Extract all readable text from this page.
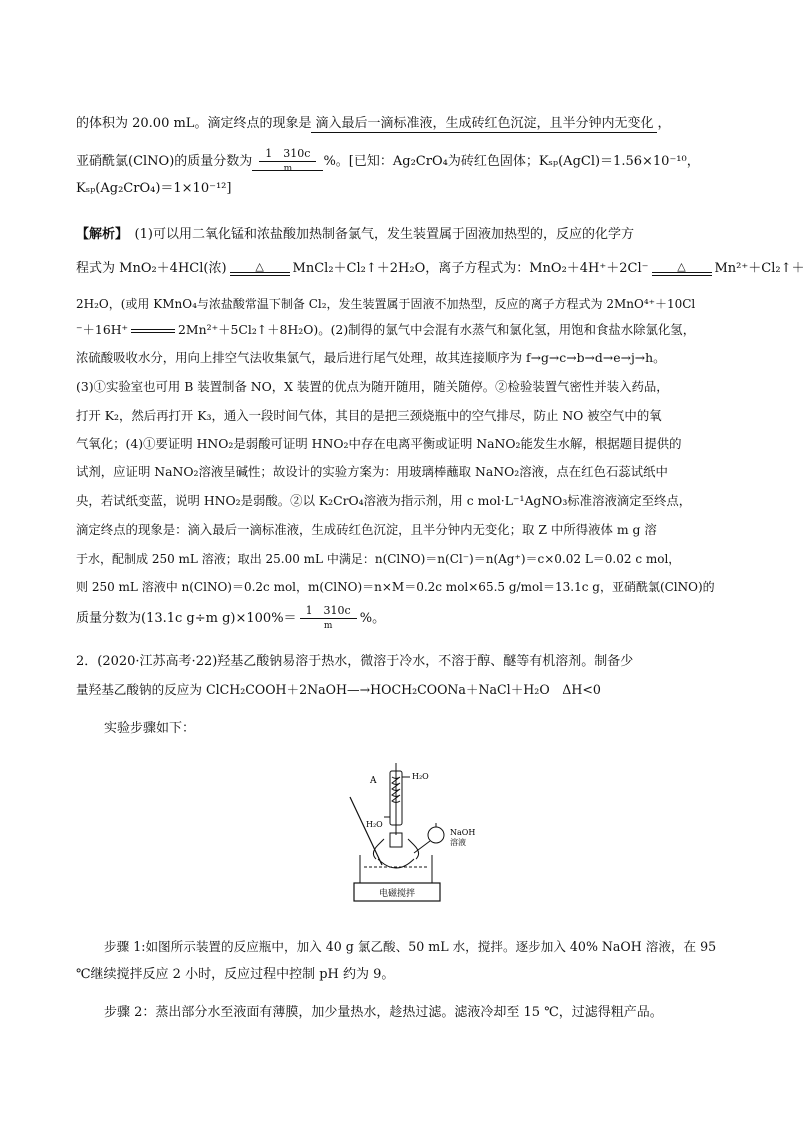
的体积为 20.00 mL。滴定终点的现象是 滴入最后一滴标准液，生成砖红色沉淀，且半分钟内无变化 ，
亚硝酰氯(ClNO)的质量分数为 $\frac{1 310c}{m}$ %。[已知：Ag₂CrO₄为砖红色固体；Kₛₚ(AgCl)＝1.56×10⁻¹⁰，
Kₛₚ(Ag₂CrO₄)＝1×10⁻¹²]
【解析】　 (1)可以用二氧化锰和浓盐酸加热制备氯气，发生装置属于固液加热型的，反应的化学方
程式为 MnO₂＋4HCl(浓)	△ MnCl₂＋Cl₂↑＋2H₂O，离子方程式为：MnO₂＋4H⁺＋2Cl⁻	△ Mn²⁺＋Cl₂↑＋
2H₂O，(或用 KMnO₄与浓盐酸常温下制备 Cl₂，发生装置属于固液不加热型，反应的离子方程式为 2MnO⁴⁺＋10Cl
⁻＋16H⁺	2Mn²⁺＋5Cl₂↑＋8H₂O)。(2)制得的氯气中会混有水蒸气和氯化氢，用饱和食盐水除氯化氢，
浓硫酸吸收水分，用向上排空气法收集氯气，最后进行尾气处理，故其连接顺序为 f→g→c→b→d→e→j→h。
(3)①实验室也可用 B 装置制备 NO，X 装置的优点为随开随用，随关随停。②检验装置气密性并装入药品，
打开 K₂，然后再打开 K₃，通入一段时间气体，其目的是把三颈烧瓶中的空气排尽，防止 NO 被空气中的氧
气氧化；(4)①要证明 HNO₂是弱酸可证明 HNO₂中存在电离平衡或证明 NaNO₂能发生水解，根据题目提供的
试剂，应证明 NaNO₂溶液呈碱性；故设计的实验方案为：用玻璃棒蘸取 NaNO₂溶液，点在红色石蕊试纸中
央，若试纸变蓝，说明 HNO₂是弱酸。②以 K₂CrO₄溶液为指示剂，用 c mol·L⁻¹AgNO₃标准溶液滴定至终点，
滴定终点的现象是：滴入最后一滴标准液，生成砖红色沉淀，且半分钟内无变化；取 Z 中所得液体 m g 溶
于水，配制成 250 mL 溶液；取出 25.00 mL 中满足：n(ClNO)＝n(Cl⁻)＝n(Ag⁺)＝c×0.02 L＝0.02 c mol，
则 250 mL 溶液中 n(ClNO)＝0.2c mol，m(ClNO)＝n×M＝0.2c mol×65.5 g/mol＝13.1c g，亚硝酰氯(ClNO)的
质量分数为(13.1c g÷m $g)\times 100\%= \frac{1 310c}{m}$ %。
2．(2020·江苏高考·22)羟基乙酸钠易溶于热水，微溶于冷水，不溶于醇、醚等有机溶剂。制备少
量羟基乙酸钠的反应为 ClCH₂COOH＋2NaOH—→HOCH₂COONa＋NaCl＋H₂O　ΔH<0
实验步骤如下：
A	H₂O
H₂O
NaOH
溶液
电磁搅拌
步骤 1:如图所示装置的反应瓶中，加入 40 g 氯乙酸、50 mL 水，搅拌。逐步加入 40% NaOH 溶液，在 95
℃继续搅拌反应 2 小时，反应过程中控制 pH 约为 9。
步骤 2：蒸出部分水至液面有薄膜，加少量热水，趁热过滤。滤液冷却至 15 ℃，过滤得粗产品。
